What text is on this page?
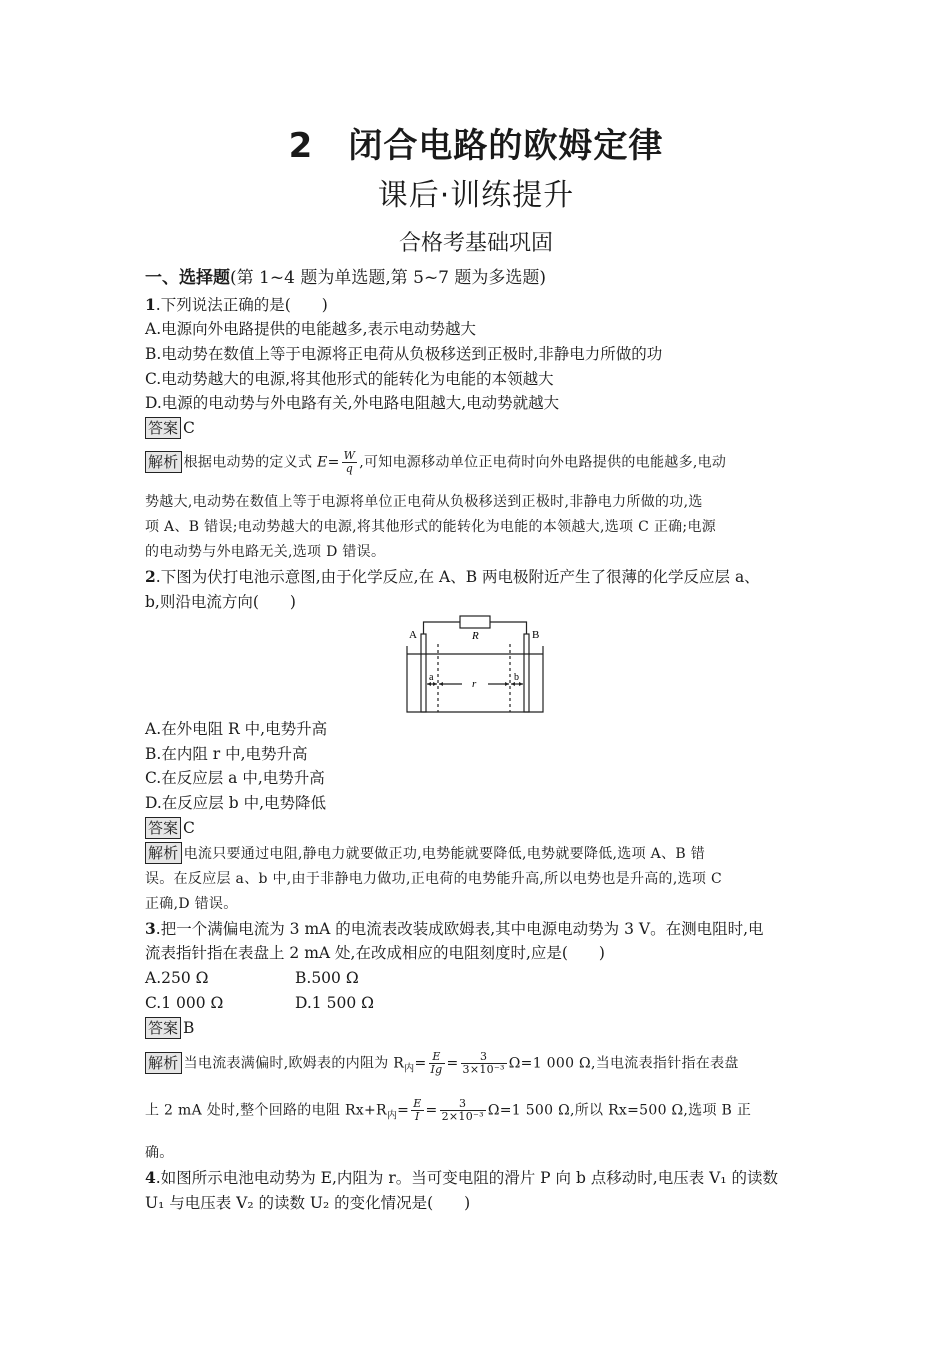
2　闭合电路的欧姆定律
课后·训练提升
合格考基础巩固
一、选择题(第 1~4 题为单选题,第 5~7 题为多选题)
1.下列说法正确的是(　　)
A.电源向外电路提供的电能越多,表示电动势越大
B.电动势在数值上等于电源将正电荷从负极移送到正极时,非静电力所做的功
C.电动势越大的电源,将其他形式的能转化为电能的本领越大
D.电源的电动势与外电路有关,外电路电阻越大,电动势就越大
答案 C
解析 根据电动势的定义式 $E= \frac{W}{q}$ ,可知电源移动单位正电荷时向外电路提供的电能越多,电动
势越大,电动势在数值上等于电源将单位正电荷从负极移送到正极时,非静电力所做的功,选
项 A、B 错误;电动势越大的电源,将其他形式的能转化为电能的本领越大,选项 C 正确;电源
的电动势与外电路无关,选项 D 错误。
2.下图为伏打电池示意图,由于化学反应,在 A、B 两电极附近产生了很薄的化学反应层 a、
b,则沿电流方向(　　)
A	B
R
r
a	b
A.在外电阻 R 中,电势升高
B.在内阻 r 中,电势升高
C.在反应层 a 中,电势升高
D.在反应层 b 中,电势降低
答案 C
解析 电流只要通过电阻,静电力就要做正功,电势能就要降低,电势就要降低,选项 A、B 错
误。在反应层 a、b 中,由于非静电力做功,正电荷的电势能升高,所以电势也是升高的,选项 C
正确,D 错误。
3.把一个满偏电流为 3 mA 的电流表改装成欧姆表,其中电源电动势为 3 V。在测电阻时,电
流表指针指在表盘上 2 mA 处,在改成相应的电阻刻度时,应是(　　)
A.250 Ω	B.500 Ω
C.1 000 Ω	D.1 500 Ω
答案 B
解析 当电流表满偏时,欧姆表的内阻为 $R_内= \frac{E}{Ig} = \frac{3}{\text{3×10⁻³}} \Omega=1$ 000 Ω,当电流表指针指在表盘
上 2 mA 处时,整个回路的电阻 $Rx+R_内= \frac{E}{I} = \frac{3}{\text{2×10⁻³}} \Omega=1$ 500 Ω,所以 Rx=500 Ω,选项 B 正
确。
4.如图所示电池电动势为 E,内阻为 r。当可变电阻的滑片 P 向 b 点移动时,电压表 V₁ 的读数
U₁ 与电压表 V₂ 的读数 U₂ 的变化情况是(　　)
